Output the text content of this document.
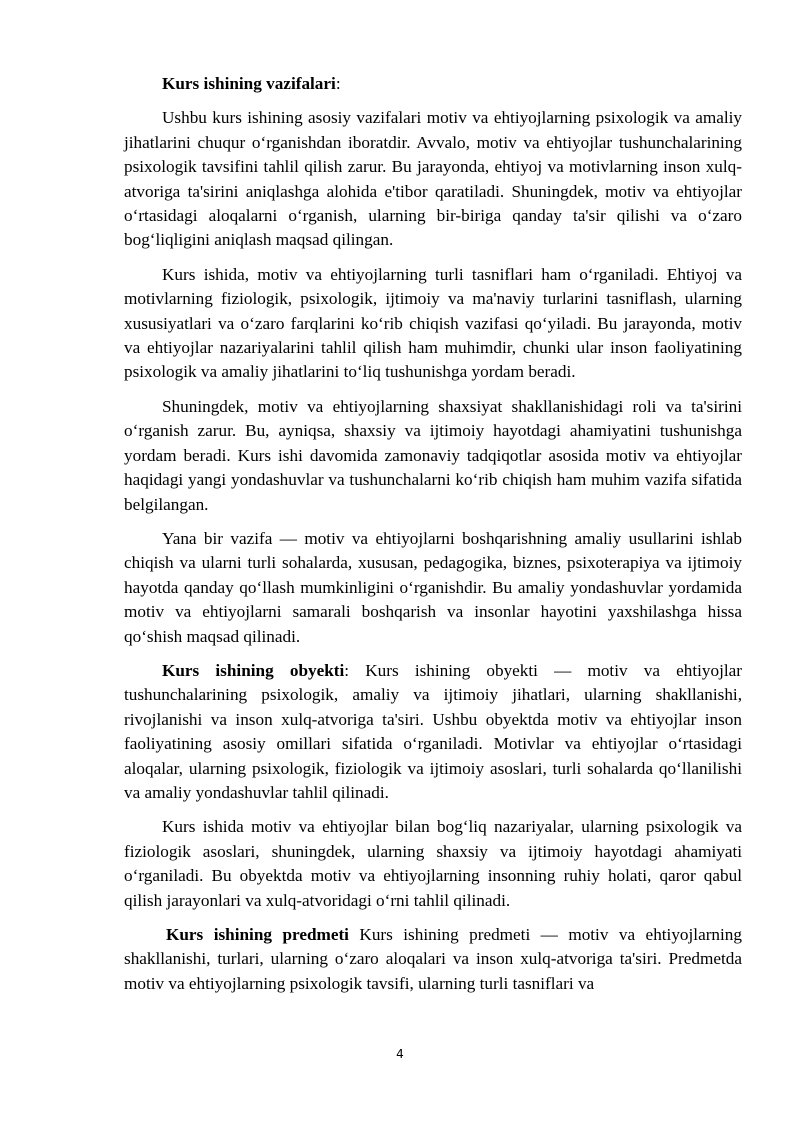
Kurs ishining vazifalari:

Ushbu kurs ishining asosiy vazifalari motiv va ehtiyojlarning psixologik va amaliy jihatlarini chuqur o‘rganishdan iboratdir. Avvalo, motiv va ehtiyojlar tushunchalarining psixologik tavsifini tahlil qilish zarur. Bu jarayonda, ehtiyoj va motivlarning inson xulq-atvoriga ta'sirini aniqlashga alohida e'tibor qaratiladi. Shuningdek, motiv va ehtiyojlar o‘rtasidagi aloqalarni o‘rganish, ularning bir-biriga qanday ta'sir qilishi va o‘zaro bog‘liqligini aniqlash maqsad qilingan.

Kurs ishida, motiv va ehtiyojlarning turli tasniflari ham o‘rganiladi. Ehtiyoj va motivlarning fiziologik, psixologik, ijtimoiy va ma'naviy turlarini tasniflash, ularning xususiyatlari va o‘zaro farqlarini ko‘rib chiqish vazifasi qo‘yiladi. Bu jarayonda, motiv va ehtiyojlar nazariyalarini tahlil qilish ham muhimdir, chunki ular inson faoliyatining psixologik va amaliy jihatlarini to‘liq tushunishga yordam beradi.

Shuningdek, motiv va ehtiyojlarning shaxsiyat shakllanishidagi roli va ta'sirini o‘rganish zarur. Bu, ayniqsa, shaxsiy va ijtimoiy hayotdagi ahamiyatini tushunishga yordam beradi. Kurs ishi davomida zamonaviy tadqiqotlar asosida motiv va ehtiyojlar haqidagi yangi yondashuvlar va tushunchalarni ko‘rib chiqish ham muhim vazifa sifatida belgilangan.

Yana bir vazifa — motiv va ehtiyojlarni boshqarishning amaliy usullarini ishlab chiqish va ularni turli sohalarda, xususan, pedagogika, biznes, psixoterapiya va ijtimoiy hayotda qanday qo‘llash mumkinligini o‘rganishdir. Bu amaliy yondashuvlar yordamida motiv va ehtiyojlarni samarali boshqarish va insonlar hayotini yaxshilashga hissa qo‘shish maqsad qilinadi.

Kurs ishining obyekti: Kurs ishining obyekti — motiv va ehtiyojlar tushunchalarining psixologik, amaliy va ijtimoiy jihatlari, ularning shakllanishi, rivojlanishi va inson xulq-atvoriga ta'siri. Ushbu obyektda motiv va ehtiyojlar inson faoliyatining asosiy omillari sifatida o‘rganiladi. Motivlar va ehtiyojlar o‘rtasidagi aloqalar, ularning psixologik, fiziologik va ijtimoiy asoslari, turli sohalarda qo‘llanilishi va amaliy yondashuvlar tahlil qilinadi.

Kurs ishida motiv va ehtiyojlar bilan bog‘liq nazariyalar, ularning psixologik va fiziologik asoslari, shuningdek, ularning shaxsiy va ijtimoiy hayotdagi ahamiyati o‘rganiladi. Bu obyektda motiv va ehtiyojlarning insonning ruhiy holati, qaror qabul qilish jarayonlari va xulq-atvoridagi o‘rni tahlil qilinadi.

Kurs ishining predmeti Kurs ishining predmeti — motiv va ehtiyojlarning shakllanishi, turlari, ularning o‘zaro aloqalari va inson xulq-atvoriga ta'siri. Predmetda motiv va ehtiyojlarning psixologik tavsifi, ularning turli tasniflari va

4
